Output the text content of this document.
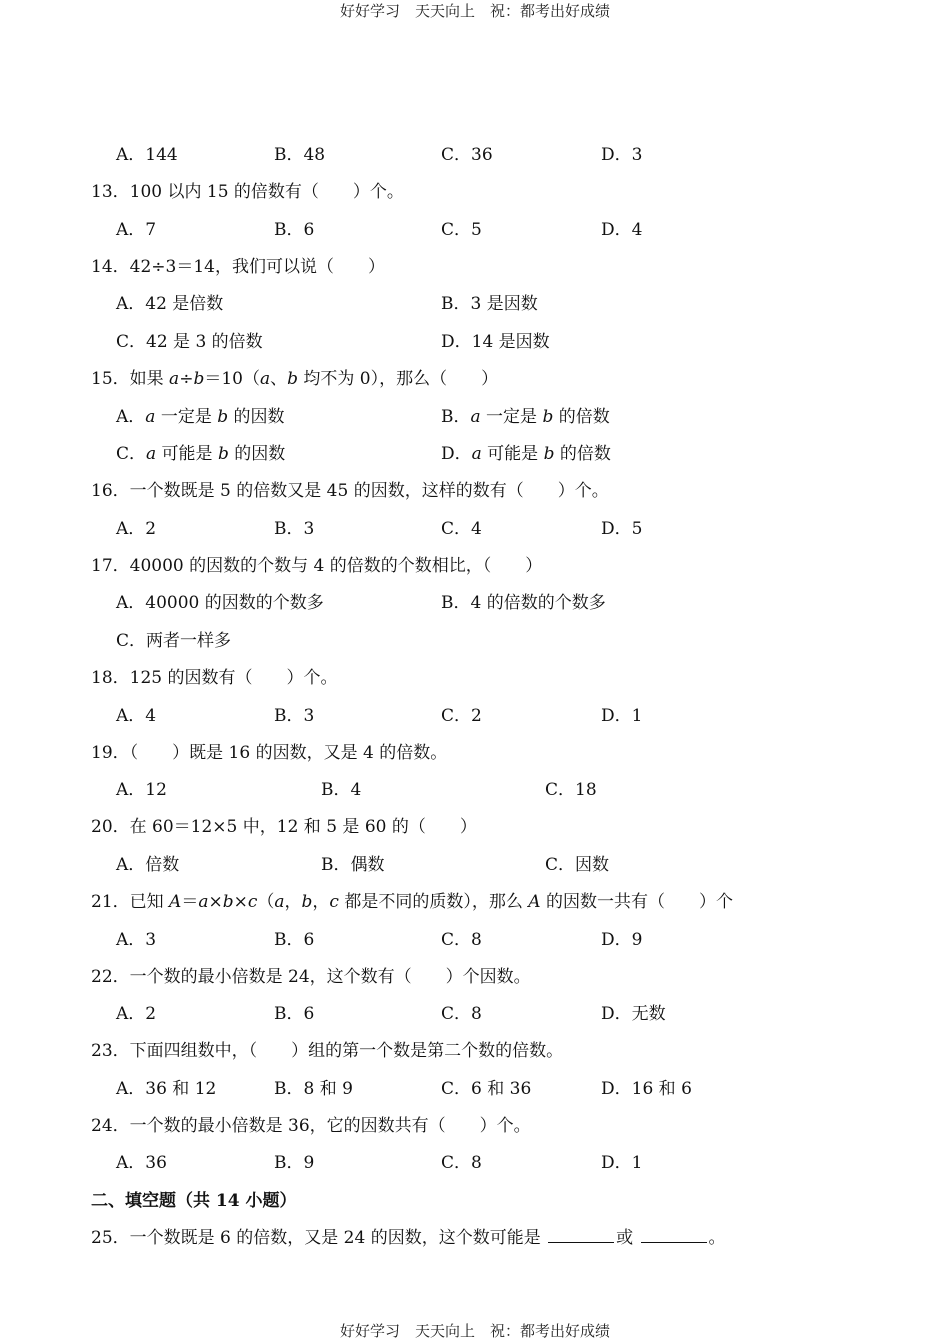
好好学习　天天向上　祝：都考出好成绩
A．144	B．48	C．36	D．3
13．100 以内 15 的倍数有（　　）个。
A．7	B．6	C．5	D．4
14．42÷3＝14，我们可以说（　　）
A．42 是倍数	B．3 是因数
C．42 是 3 的倍数	D．14 是因数
15．如果 a÷b＝10（a、b 均不为 0），那么（　　）
A．a 一定是 b 的因数	B．a 一定是 b 的倍数
C．a 可能是 b 的因数	D．a 可能是 b 的倍数
16．一个数既是 5 的倍数又是 45 的因数，这样的数有（　　）个。
A．2	B．3	C．4	D．5
17．40000 的因数的个数与 4 的倍数的个数相比，（　　）
A．40000 的因数的个数多	B．4 的倍数的个数多
C．两者一样多
18．125 的因数有（　　）个。
A．4	B．3	C．2	D．1
19．（　　）既是 16 的因数，又是 4 的倍数。
A．12	B．4	C．18
20．在 60＝12×5 中，12 和 5 是 60 的（　　）
A．倍数	B．偶数	C．因数
21．已知 A＝a×b×c（a，b，c 都是不同的质数），那么 A 的因数一共有（　　）个
A．3	B．6	C．8	D．9
22．一个数的最小倍数是 24，这个数有（　　）个因数。
A．2	B．6	C．8	D．无数
23．下面四组数中，（　　）组的第一个数是第二个数的倍数。
A．36 和 12	B．8 和 9	C．6 和 36	D．16 和 6
24．一个数的最小倍数是 36，它的因数共有（　　）个。
A．36	B．9	C．8	D．1
二、填空题（共 14 小题）
25．一个数既是 6 的倍数，又是 24 的因数，这个数可能是	或	。
好好学习　天天向上　祝：都考出好成绩
